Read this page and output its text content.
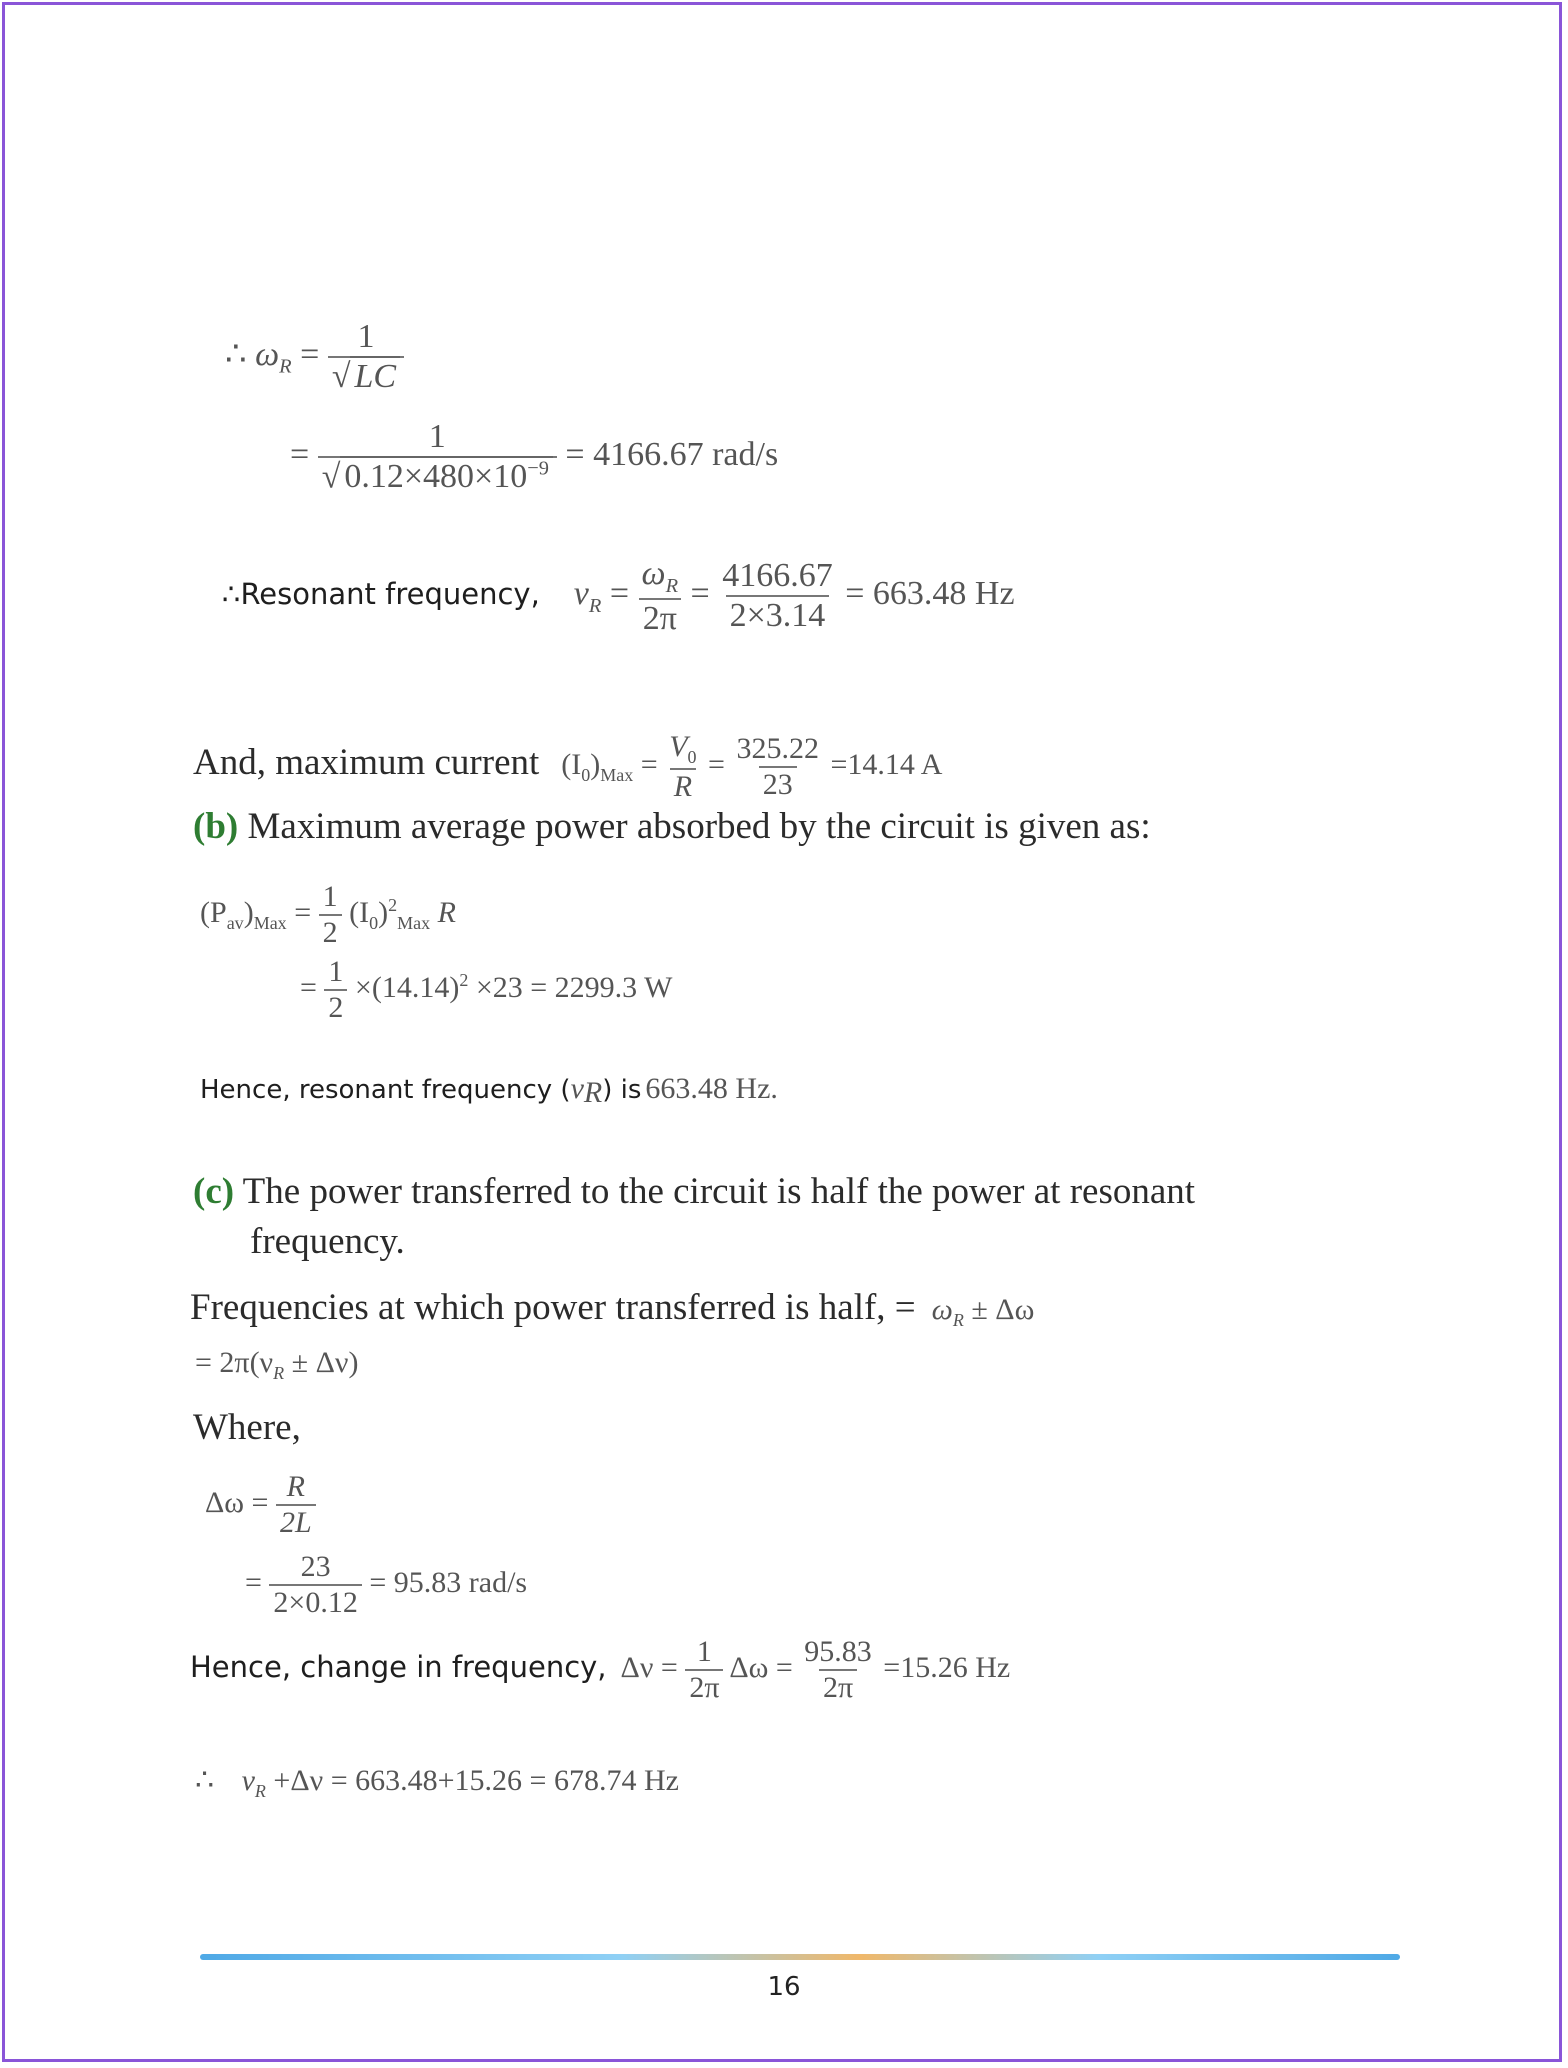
∴ $\omega_R = \frac{1}{√ LC}$
= $\frac{1}{√ 0.12\times 480\times 10^{-9}} = 4166.67$ rad/s
∴Resonant frequency, $\nu_R = \frac{\omega_R}{2\pi} = \frac{4166.67}{2\times 3.14} = 663.48$ Hz
And, maximum current $(I_0)_{Max} = \frac{V_0}{R} = \frac{325.22}{23} =14.14$ A
(b) Maximum average power absorbed by the circuit is given as:
$(P_{av})_{Max} = \frac{1}{2} (I_0)^2_{Max}$ R
= $\frac{1}{2} \times(14.14)^2 \times 23 = 2299.3$ W
Hence, resonant frequency $(\nu_R)$ is 663.48 Hz.
(c) The power transferred to the circuit is half the power at resonant
frequency.
Frequencies at which power transferred is half, = $\omega_R \pm \Delta\omega$
= $2\pi(\nu_R \pm \Delta\nu)$
Where,
$\Delta\omega = \frac{R}{2L}$
= $\frac{23}{2\times 0.12} = 95.83$ rad/s
Hence, change in frequency, $\Delta\nu = \frac{1}{2\pi}$ $\Delta\omega = \frac{95.83}{2\pi} =15.26$ Hz
∴ $\nu_R +\Delta\nu = 663.48+15.26 = 678.74$ Hz
16
